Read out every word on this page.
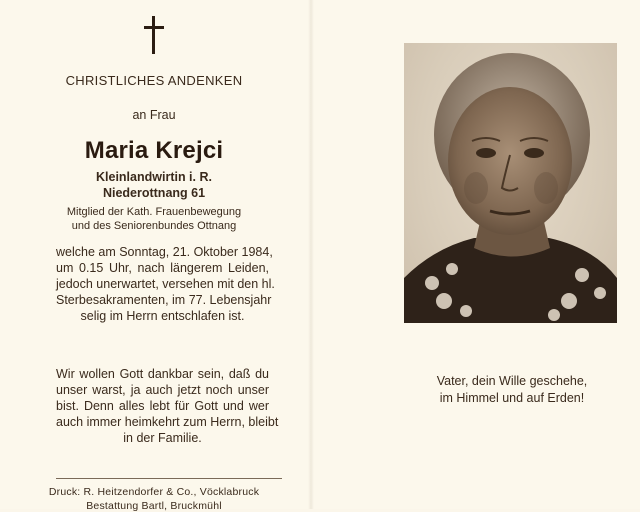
CHRISTLICHES ANDENKEN
an Frau
Maria Krejci
Kleinlandwirtin i. R.
Niederottnang 61
Mitglied der Kath. Frauenbewegung
und des Seniorenbundes Ottnang
welche am Sonntag, 21. Oktober 1984,
um 0.15 Uhr, nach längerem Leiden,
jedoch unerwartet, versehen mit den hl.
Sterbesakramenten, im 77. Lebensjahr
selig im Herrn entschlafen ist.
Wir wollen Gott dankbar sein, daß du
unser warst, ja auch jetzt noch unser
bist. Denn alles lebt für Gott und wer
auch immer heimkehrt zum Herrn, bleibt
in der Familie.
Druck: R. Heitzendorfer & Co., Vöcklabruck
Bestattung Bartl, Bruckmühl
Vater, dein Wille geschehe,
im Himmel und auf Erden!
